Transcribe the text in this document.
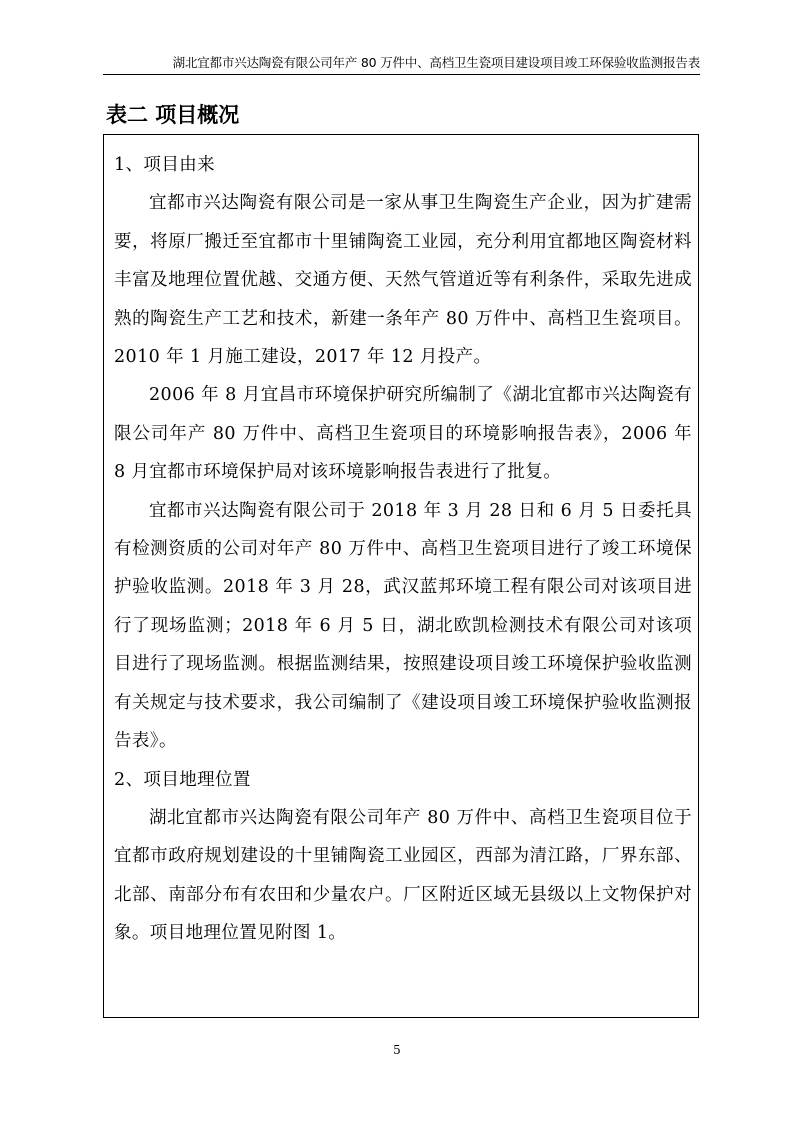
湖北宜都市兴达陶瓷有限公司年产 80 万件中、高档卫生瓷项目建设项目竣工环保验收监测报告表
表二 项目概况

1、项目由来

宜都市兴达陶瓷有限公司是一家从事卫生陶瓷生产企业，因为扩建需要，将原厂搬迁至宜都市十里铺陶瓷工业园，充分利用宜都地区陶瓷材料丰富及地理位置优越、交通方便、天然气管道近等有利条件，采取先进成熟的陶瓷生产工艺和技术，新建一条年产 80 万件中、高档卫生瓷项目。2010 年 1 月施工建设，2017 年 12 月投产。

2006 年 8 月宜昌市环境保护研究所编制了《湖北宜都市兴达陶瓷有限公司年产 80 万件中、高档卫生瓷项目的环境影响报告表》，2006 年 8 月宜都市环境保护局对该环境影响报告表进行了批复。

宜都市兴达陶瓷有限公司于 2018 年 3 月 28 日和 6 月 5 日委托具有检测资质的公司对年产 80 万件中、高档卫生瓷项目进行了竣工环境保护验收监测。2018 年 3 月 28，武汉蓝邦环境工程有限公司对该项目进行了现场监测；2018 年 6 月 5 日，湖北欧凯检测技术有限公司对该项目进行了现场监测。根据监测结果，按照建设项目竣工环境保护验收监测有关规定与技术要求，我公司编制了《建设项目竣工环境保护验收监测报告表》。

2、项目地理位置

湖北宜都市兴达陶瓷有限公司年产 80 万件中、高档卫生瓷项目位于宜都市政府规划建设的十里铺陶瓷工业园区，西部为清江路，厂界东部、北部、南部分布有农田和少量农户。厂区附近区域无县级以上文物保护对象。项目地理位置见附图 1。

5
